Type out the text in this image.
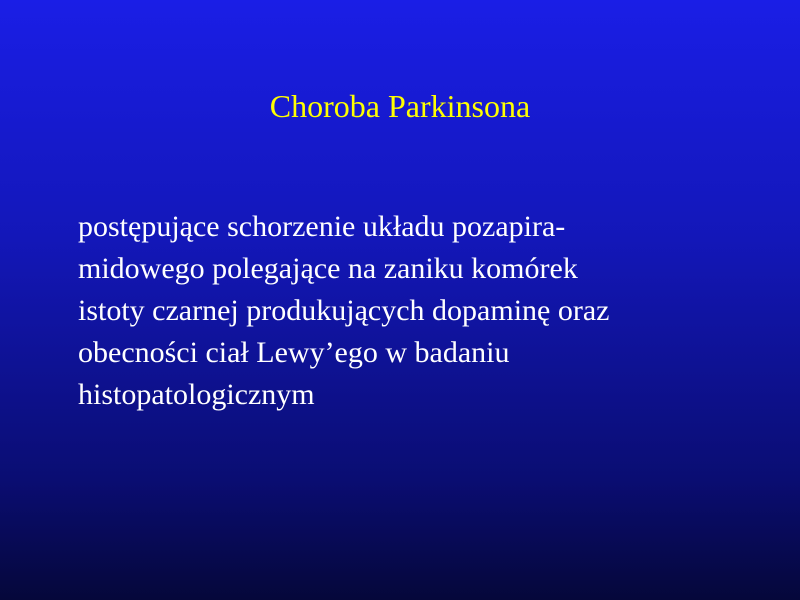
Choroba Parkinsona
postępujące schorzenie układu pozapira-
midowego polegające na zaniku komórek
istoty czarnej produkujących dopaminę oraz
obecności ciał Lewy’ego w badaniu
histopatologicznym
